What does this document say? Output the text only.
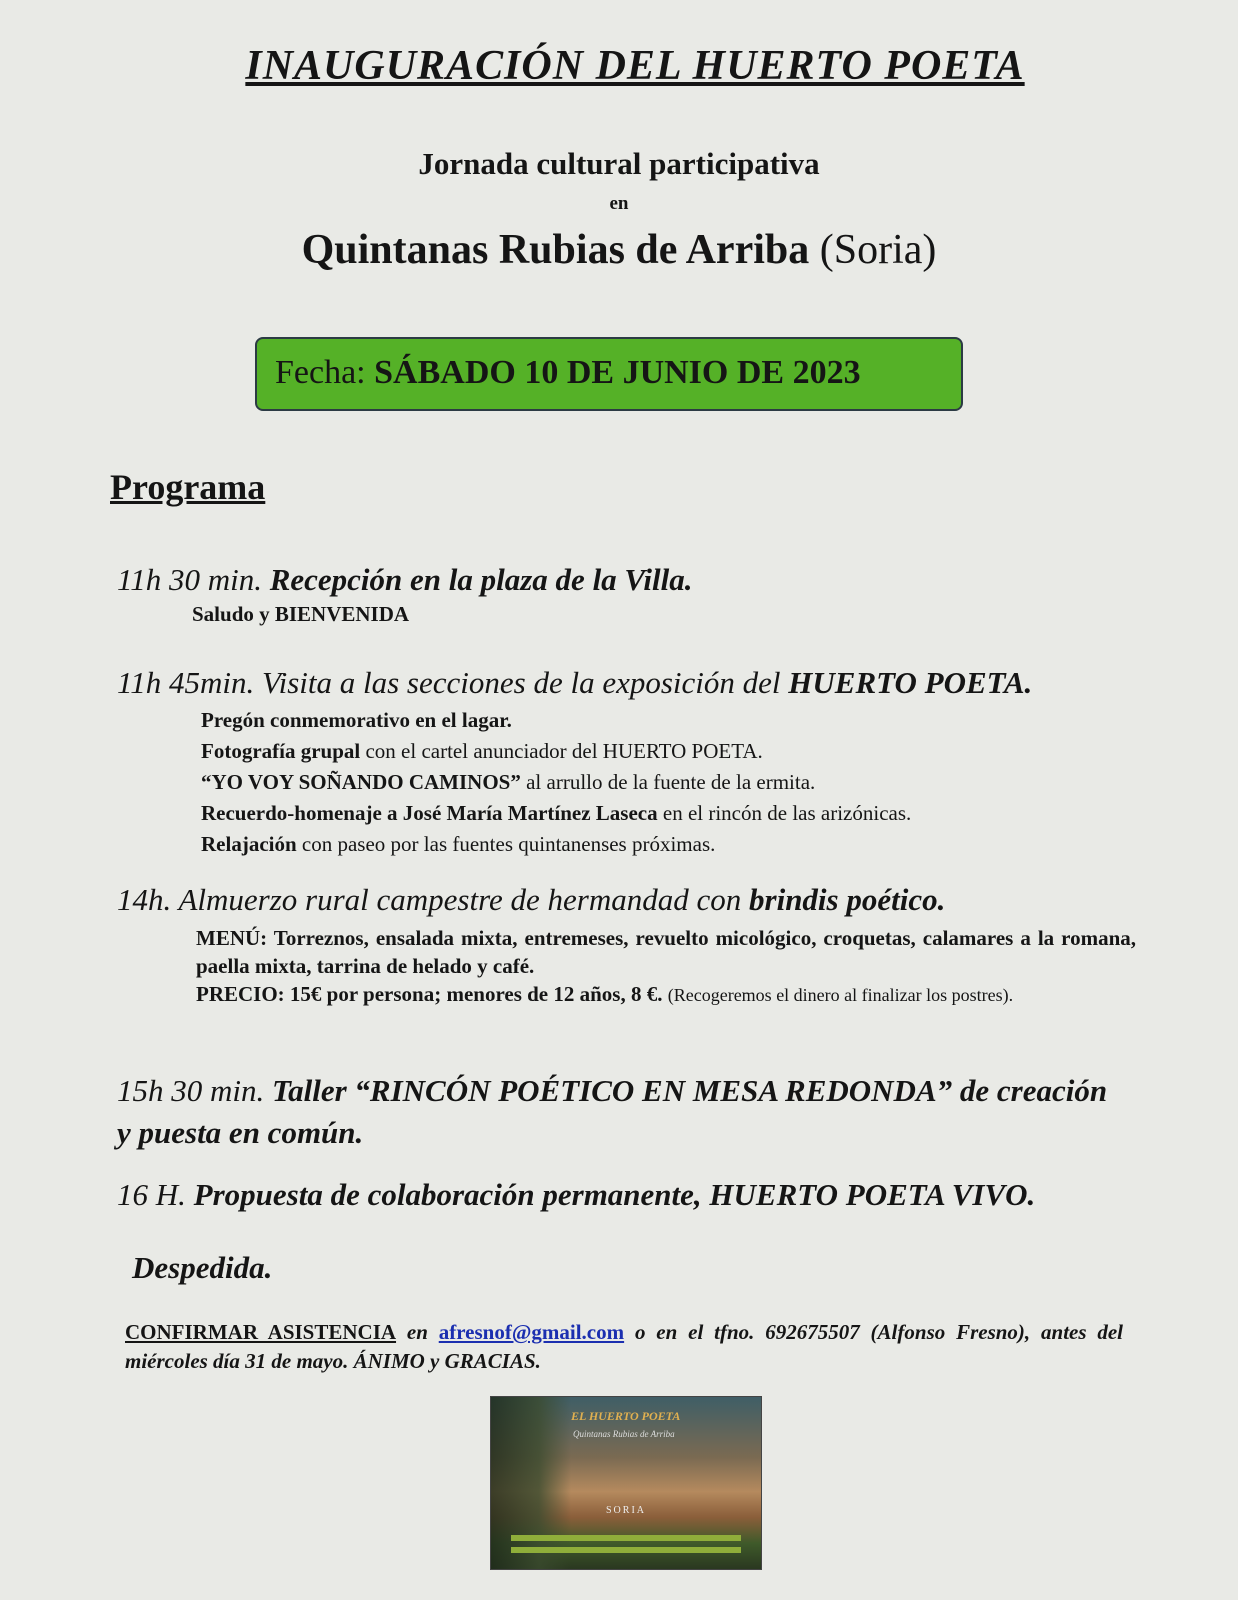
INAUGURACIÓN DEL HUERTO POETA
Jornada cultural participativa
en
Quintanas Rubias de Arriba (Soria)
Fecha: SÁBADO 10 DE JUNIO DE 2023
Programa
11h 30 min. Recepción en la plaza de la Villa.
Saludo y BIENVENIDA
11h 45min. Visita a las secciones de la exposición del HUERTO POETA.
Pregón conmemorativo en el lagar.
Fotografía grupal con el cartel anunciador del HUERTO POETA.
“YO VOY SOÑANDO CAMINOS” al arrullo de la fuente de la ermita.
Recuerdo-homenaje a José María Martínez Laseca en el rincón de las arizónicas.
Relajación con paseo por las fuentes quintanenses próximas.
14h. Almuerzo rural campestre de hermandad con brindis poético.
MENÚ: Torreznos, ensalada mixta, entremeses, revuelto micológico, croquetas, calamares a la romana, paella mixta, tarrina de helado y café.
PRECIO: 15€ por persona; menores de 12 años, 8 €. (Recogeremos el dinero al finalizar los postres).
15h 30 min. Taller “RINCÓN POÉTICO EN MESA REDONDA” de creación y puesta en común.
16 H. Propuesta de colaboración permanente, HUERTO POETA VIVO.
Despedida.
CONFIRMAR ASISTENCIA en afresnof@gmail.com o en el tfno. 692675507 (Alfonso Fresno), antes del miércoles día 31 de mayo. ÁNIMO y GRACIAS.
EL HUERTO POETA
Quintanas Rubias de Arriba
SORIA
